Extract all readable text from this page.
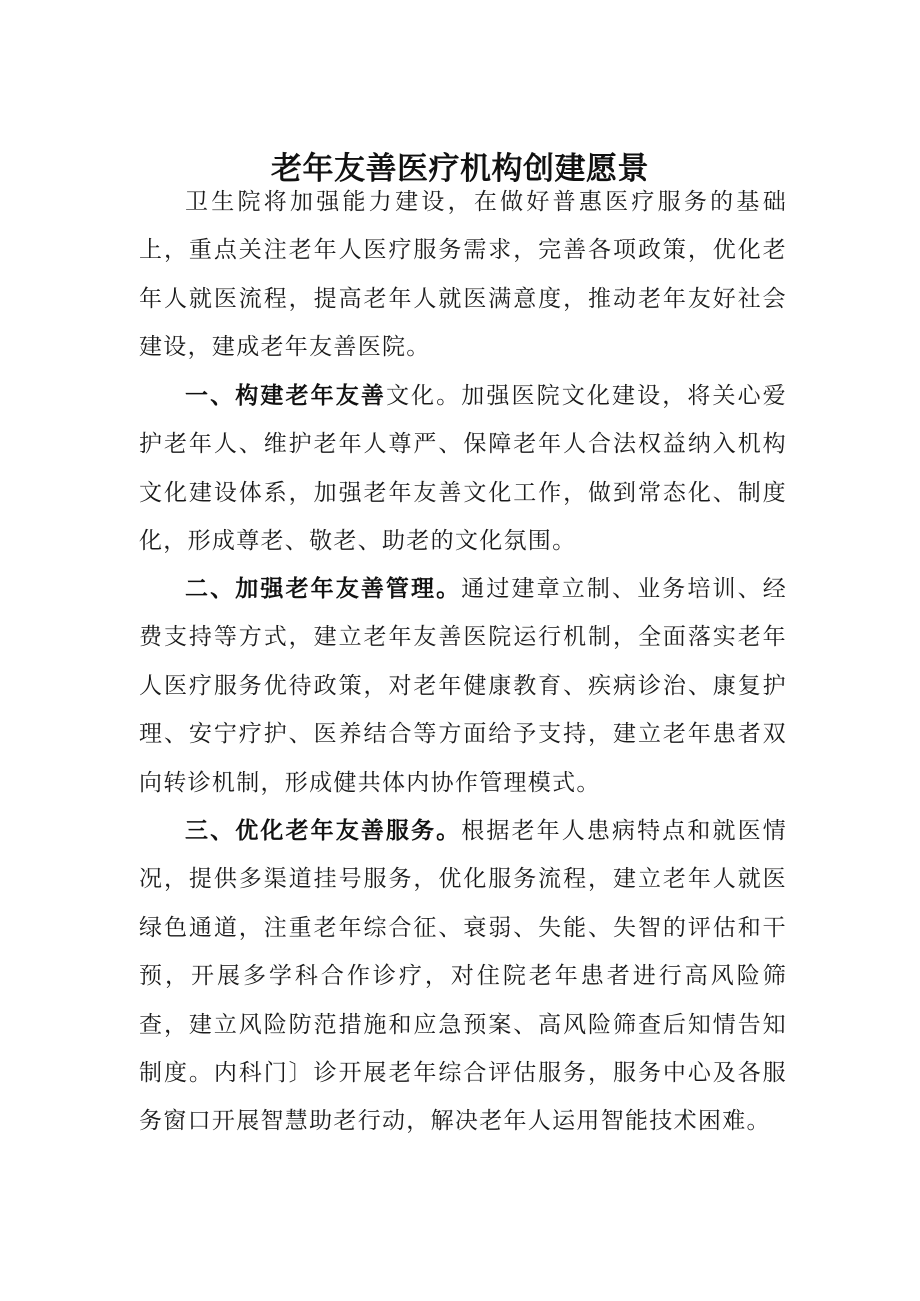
老年友善医疗机构创建愿景

卫生院将加强能力建设，在做好普惠医疗服务的基础上，重点关注老年人医疗服务需求，完善各项政策，优化老年人就医流程，提高老年人就医满意度，推动老年友好社会建设，建成老年友善医院。

一、构建老年友善文化。加强医院文化建设，将关心爱护老年人、维护老年人尊严、保障老年人合法权益纳入机构文化建设体系，加强老年友善文化工作，做到常态化、制度化，形成尊老、敬老、助老的文化氛围。

二、加强老年友善管理。通过建章立制、业务培训、经费支持等方式，建立老年友善医院运行机制，全面落实老年人医疗服务优待政策，对老年健康教育、疾病诊治、康复护理、安宁疗护、医养结合等方面给予支持，建立老年患者双向转诊机制，形成健共体内协作管理模式。

三、优化老年友善服务。根据老年人患病特点和就医情况，提供多渠道挂号服务，优化服务流程，建立老年人就医绿色通道，注重老年综合征、衰弱、失能、失智的评估和干预，开展多学科合作诊疗，对住院老年患者进行高风险筛查，建立风险防范措施和应急预案、高风险筛查后知情告知制度。内科门〕诊开展老年综合评估服务，服务中心及各服务窗口开展智慧助老行动，解决老年人运用智能技术困难。
